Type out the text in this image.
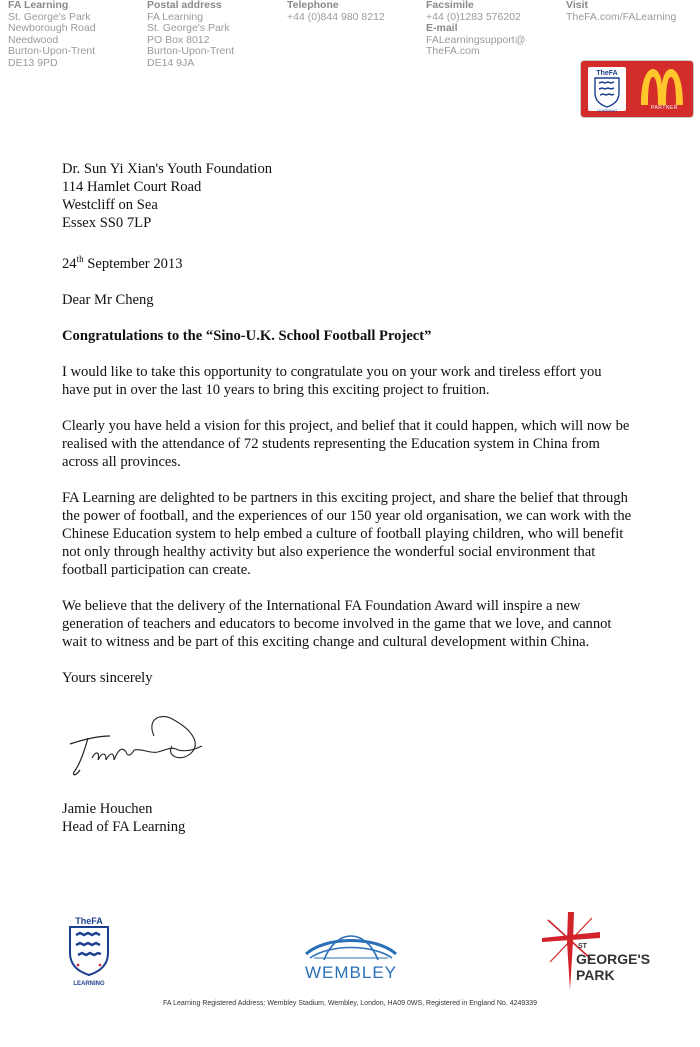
FA Learning
St. George's Park
Newborough Road
Needwood
Burton-Upon-Trent
DE13 9PD
Postal address
FA Learning
St. George's Park
PO Box 8012
Burton-Upon-Trent
DE14 9JA
Telephone
+44 (0)844 980 8212
Facsimile
+44 (0)1283 576202
E-mail
FALearningsupport@
TheFA.com
Visit
TheFA.com/FALearning
TheFA
LEARNING	PARTNER
Dr. Sun Yi Xian's Youth Foundation
114 Hamlet Court Road
Westcliff on Sea
Essex SS0 7LP
24th September 2013
Dear Mr Cheng
Congratulations to the “Sino-U.K. School Football Project”
I would like to take this opportunity to congratulate you on your work and tireless effort you have put in over the last 10 years to bring this exciting project to fruition.
Clearly you have held a vision for this project, and belief that it could happen, which will now be realised with the attendance of 72 students representing the Education system in China from across all provinces.
FA Learning are delighted to be partners in this exciting project, and share the belief that through the power of football, and the experiences of our 150 year old organisation, we can work with the Chinese Education system to help embed a culture of football playing children, who will benefit not only through healthy activity but also experience the wonderful social environment that football participation can create.
We believe that the delivery of the International FA Foundation Award will inspire a new generation of teachers and educators to become involved in the game that we love, and cannot wait to witness and be part of this exciting change and cultural development within China.
Yours sincerely
Jamie Houchen
Head of FA Learning
TheFA
LEARNING
WEMBLEY
ST
GEORGE'S
PARK
FA Learning Registered Address: Wembley Stadium, Wembley, London, HA09 0WS, Registered in England No. 4249339
